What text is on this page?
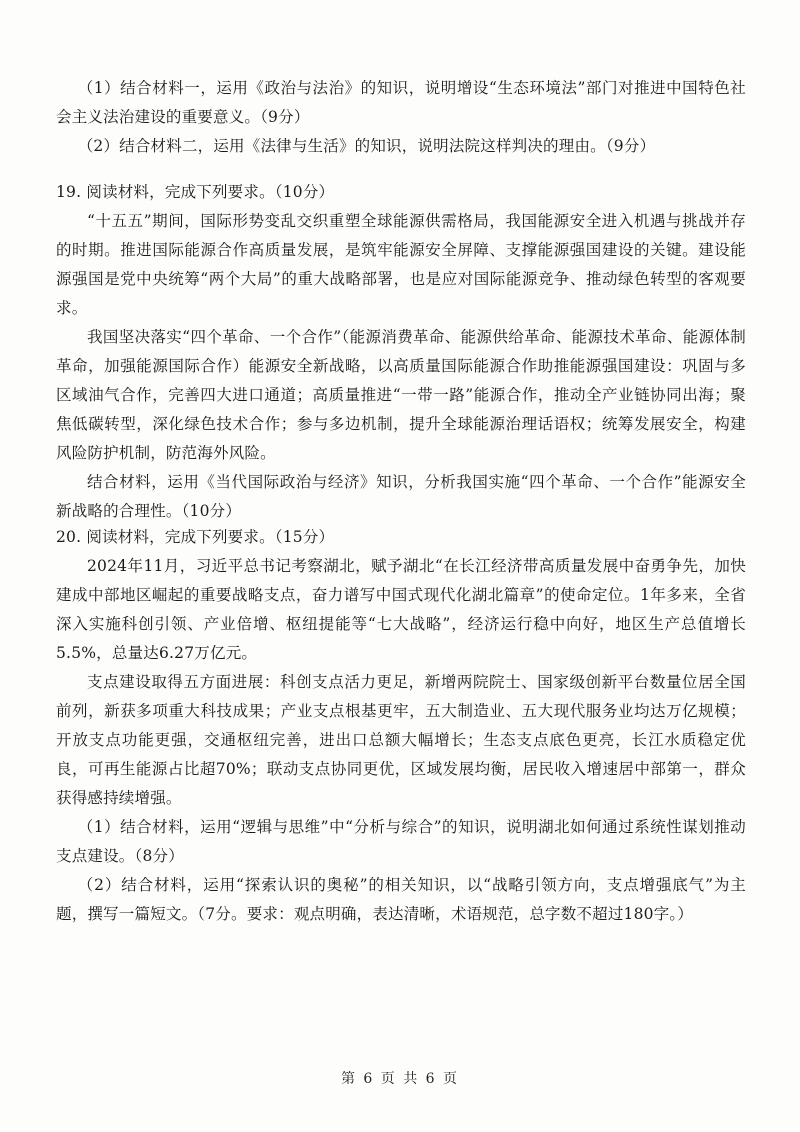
（1）结合材料一，运用《政治与法治》的知识，说明增设“生态环境法”部门对推进中国特色社会主义法治建设的重要意义。（9分）

（2）结合材料二，运用《法律与生活》的知识，说明法院这样判决的理由。（9分）

19. 阅读材料，完成下列要求。（10分）

“十五五”期间，国际形势变乱交织重塑全球能源供需格局，我国能源安全进入机遇与挑战并存的时期。推进国际能源合作高质量发展，是筑牢能源安全屏障、支撑能源强国建设的关键。建设能源强国是党中央统筹“两个大局”的重大战略部署，也是应对国际能源竞争、推动绿色转型的客观要求。

我国坚决落实“四个革命、一个合作”（能源消费革命、能源供给革命、能源技术革命、能源体制革命，加强能源国际合作）能源安全新战略，以高质量国际能源合作助推能源强国建设：巩固与多区域油气合作，完善四大进口通道；高质量推进“一带一路”能源合作，推动全产业链协同出海；聚焦低碳转型，深化绿色技术合作；参与多边机制，提升全球能源治理话语权；统筹发展安全，构建风险防护机制，防范海外风险。

结合材料，运用《当代国际政治与经济》知识，分析我国实施“四个革命、一个合作”能源安全新战略的合理性。（10分）

20. 阅读材料，完成下列要求。（15分）

2024年11月，习近平总书记考察湖北，赋予湖北“在长江经济带高质量发展中奋勇争先，加快建成中部地区崛起的重要战略支点，奋力谱写中国式现代化湖北篇章”的使命定位。1年多来，全省深入实施科创引领、产业倍增、枢纽提能等“七大战略”，经济运行稳中向好，地区生产总值增长5.5%，总量达6.27万亿元。

支点建设取得五方面进展：科创支点活力更足，新增两院院士、国家级创新平台数量位居全国前列，新获多项重大科技成果；产业支点根基更牢，五大制造业、五大现代服务业均达万亿规模；开放支点功能更强，交通枢纽完善，进出口总额大幅增长；生态支点底色更亮，长江水质稳定优良，可再生能源占比超70%；联动支点协同更优，区域发展均衡，居民收入增速居中部第一，群众获得感持续增强。

（1）结合材料，运用“逻辑与思维”中“分析与综合”的知识，说明湖北如何通过系统性谋划推动支点建设。（8分）

（2）结合材料，运用“探索认识的奥秘”的相关知识，以“战略引领方向，支点增强底气”为主题，撰写一篇短文。（7分。要求：观点明确，表达清晰，术语规范，总字数不超过180字。）

第 6 页 共 6 页
